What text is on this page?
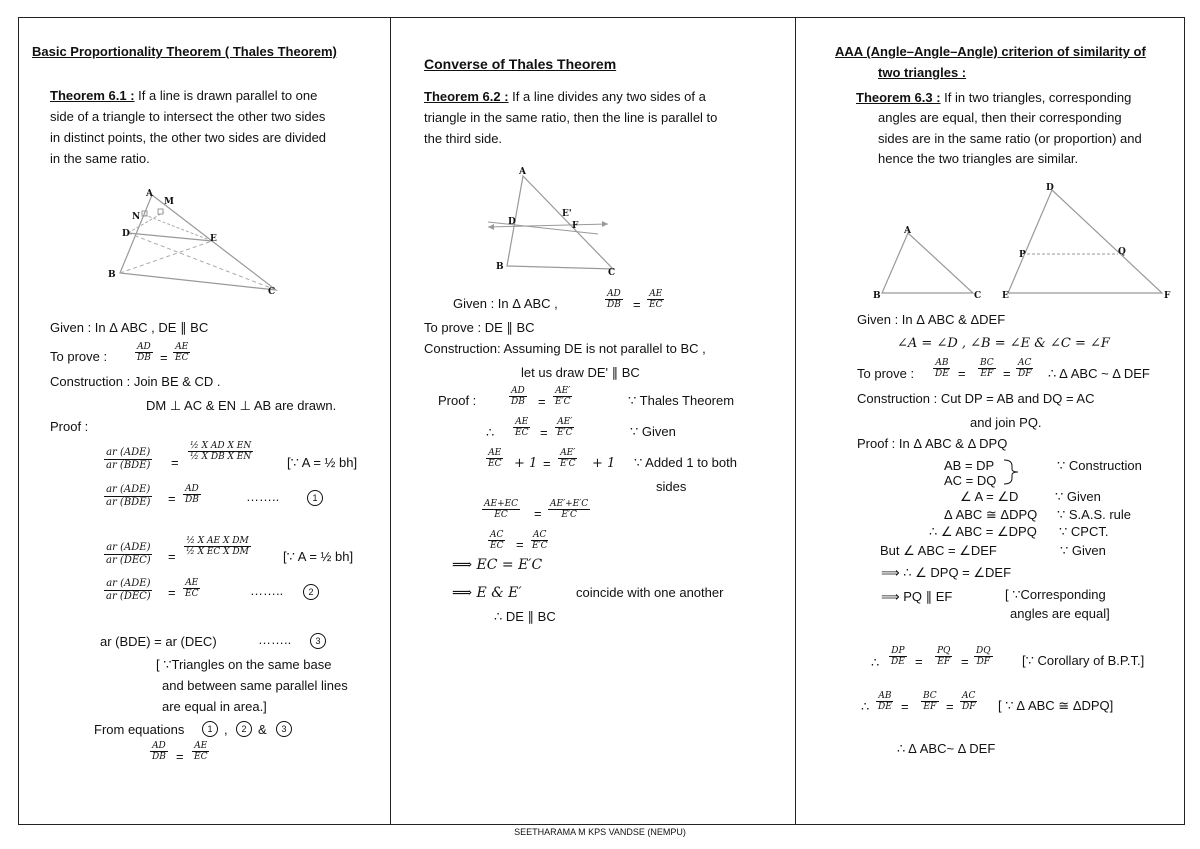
Basic Proportionality Theorem ( Thales Theorem)
Theorem 6.1 : If a line is drawn parallel to one
side of a triangle to intersect the other two sides
in distinct points, the other two sides are divided
in the same ratio.
A
M
N
D	E
B
C
Given : In Δ ABC , DE ∥ BC
To prove :	$\frac{AD}{DB} = \frac{AE}{EC}$
Construction : Join BE & CD .
DM ⊥ AC & EN ⊥ AB are drawn.
Proof :
ar (ADE)
ar $(BDE) = \frac{\text{½ X AD X EN}}{\text{½ X DB X EN}}$	[∵ A = ½ bh]
ar (ADE)
ar $(BDE) = \frac{AD}{DB}$	……..	1
ar (ADE)
ar $(DEC) = \frac{\text{½ X AE X DM}}{\text{½ X EC X DM}}$ [∵ A = ½ bh]
ar (ADE)
ar $(DEC) = \frac{AE}{EC}$	……..	2
ar (BDE) = ar (DEC)	……..	3
[ ∵Triangles on the same base
and between same parallel lines
are equal in area.]
From equations	1 ,	2 &	3
$\frac{AD}{DB} = \frac{AE}{EC}$
Converse of Thales Theorem
Theorem 6.2 : If a line divides any two sides of a
triangle in the same ratio, then the line is parallel to
the third side.
A
E'
D	F
B
C
Given : In Δ ABC ,	$\frac{AD}{DB} = \frac{AE}{EC}$
To prove : DE ∥ BC
Construction: Assuming DE is not parallel to BC ,
let us draw DE' ∥ BC
Proof :	$\frac{AD}{DB} = \frac{AE'}{E'C}$	∵ Thales Theorem
∴ $\frac{AE}{EC} = \frac{AE'}{E'C}$	∵ Given
$\frac{AE}{EC} + 1 = \frac{AE'}{E'C} + 1$ ∵ Added 1 to both
sides
$\frac{AE+EC}{EC} = \frac{AE'+E'C}{E'C}$
$\frac{AC}{EC} = \frac{AC}{E'C}$
⟹ EC = E′C
⟹ E & E′	coincide with one another
∴ DE ∥ BC
AAA (Angle–Angle–Angle) criterion of similarity of
two triangles :
Theorem 6.3 : If in two triangles, corresponding
angles are equal, then their corresponding
sides are in the same ratio (or proportion) and
hence the two triangles are similar.
A
B	C
D
P	Q
E	F
Given : In Δ ABC & ΔDEF
∠A = ∠D , ∠B = ∠E & ∠C = ∠F
To prove : $\frac{AB}{DE} = \frac{BC}{EF} = \frac{AC}{DF}$ ∴ Δ ABC ~ Δ DEF
Construction : Cut DP = AB and DQ = AC
and join PQ.
Proof : In Δ ABC & Δ DPQ
AB = DP
AC = DQ
∵ Construction
∠ A = ∠D	∵ Given
Δ ABC ≅ ΔDPQ ∵ S.A.S. rule
∴ ∠ ABC = ∠DPQ ∵ CPCT.
But ∠ ABC = ∠DEF	∵ Given
⟹ ∴ ∠ DPQ = ∠DEF
⟹ PQ ∥ EF	[ ∵Corresponding
angles are equal]
∴ $\frac{DP}{DE} = \frac{PQ}{EF} = \frac{DQ}{DF}$ [∵ Corollary of B.P.T.]
∴ $\frac{AB}{DE} = \frac{BC}{EF} = \frac{AC}{DF}$ [ ∵ Δ ABC ≅ ΔDPQ]
∴ Δ ABC~ Δ DEF
SEETHARAMA M KPS VANDSE (NEMPU)
